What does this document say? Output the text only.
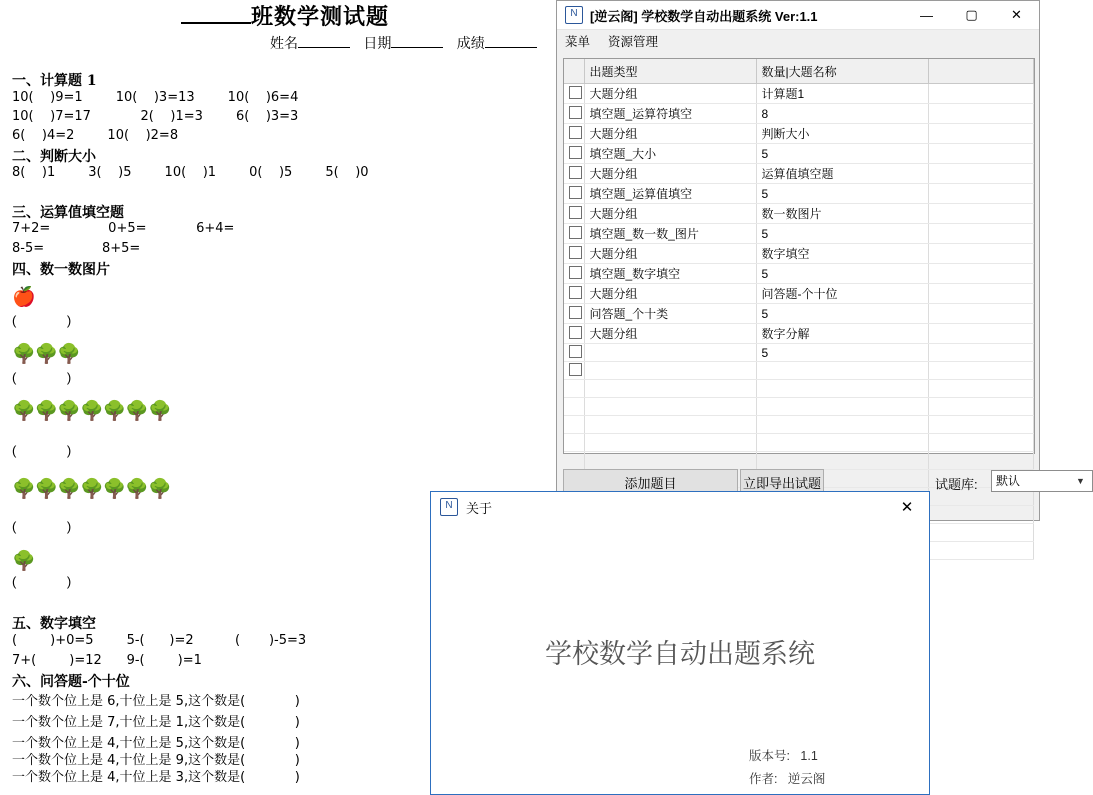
班数学测试题
姓名	日期	成绩
一、计算题 1
10(    )9=1        10(    )3=13        10(    )6=4
10(    )7=17            2(    )1=3        6(    )3=3
6(    )4=2        10(    )2=8
二、判断大小
8(    )1        3(    )5        10(    )1        0(    )5        5(    )0
三、运算值填空题
7+2=              0+5=            6+4=
8-5=              8+5=
四、数一数图片
🍎
(              )
🌳🌳🌳
(              )
🌳🌳🌳🌳🌳🌳🌳
(              )
🌳🌳🌳🌳🌳🌳🌳
(              )
🌳
(              )
五、数字填空
(        )+0=5        5-(      )=2          (       )-5=3
7+(        )=12      9-(        )=1
六、问答题-个十位
一个数个位上是 6,十位上是 5,这个数是(            )
一个数个位上是 7,十位上是 1,这个数是(            )
一个数个位上是 4,十位上是 5,这个数是(            )
一个数个位上是 4,十位上是 9,这个数是(            )
一个数个位上是 4,十位上是 3,这个数是(            )
N [逆云阁] 学校数学自动出题系统 Ver:1.1	—	▢	✕
菜单 资源管理
	出题类型	数量|大题名称	
	大题分组	计算题1	
	填空题_运算符填空	8	
	大题分组	判断大小	
	填空题_大小	5	
	大题分组	运算值填空题	
	填空题_运算值填空	5	
	大题分组	数一数图片	
	填空题_数一数_图片	5	
	大题分组	数字填空	
	填空题_数字填空	5	
	大题分组	问答题-个十位	
	问答题_个十类	5	
	大题分组	数字分解	
		5	

添加题目	立即导出试题	试题库:
默认	▼
N	关于	✕
学校数学自动出题系统
版本号: 1.1
作者: 逆云阁
